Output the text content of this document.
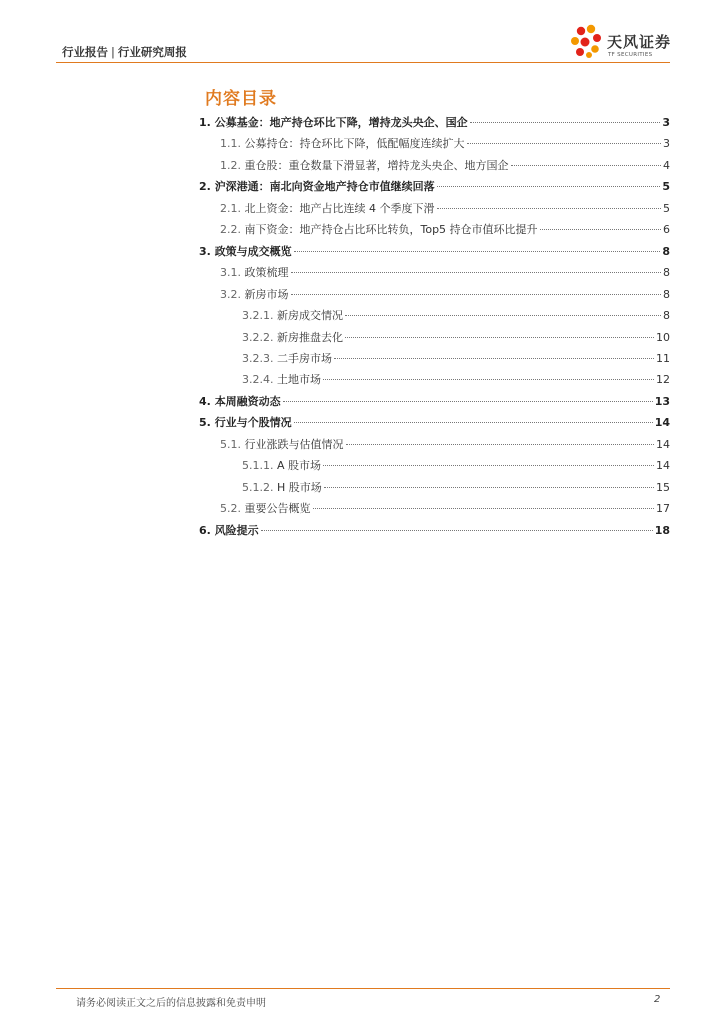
行业报告 | 行业研究周报
天风证券
TF SECURITIES
内容目录
1. 公募基金：地产持仓环比下降，增持龙头央企、国企	3
1.1. 公募持仓：持仓环比下降，低配幅度连续扩大	3
1.2. 重仓股：重仓数量下滑显著，增持龙头央企、地方国企	4
2. 沪深港通：南北向资金地产持仓市值继续回落	5
2.1. 北上资金：地产占比连续 4 个季度下滑	5
2.2. 南下资金：地产持仓占比环比转负，Top5 持仓市值环比提升	6
3. 政策与成交概览	8
3.1. 政策梳理	8
3.2. 新房市场	8
3.2.1. 新房成交情况	8
3.2.2. 新房推盘去化	10
3.2.3. 二手房市场	11
3.2.4. 土地市场	12
4. 本周融资动态	13
5. 行业与个股情况	14
5.1. 行业涨跌与估值情况	14
5.1.1. A 股市场	14
5.1.2. H 股市场	15
5.2. 重要公告概览	17
6. 风险提示	18
请务必阅读正文之后的信息披露和免责申明	2
